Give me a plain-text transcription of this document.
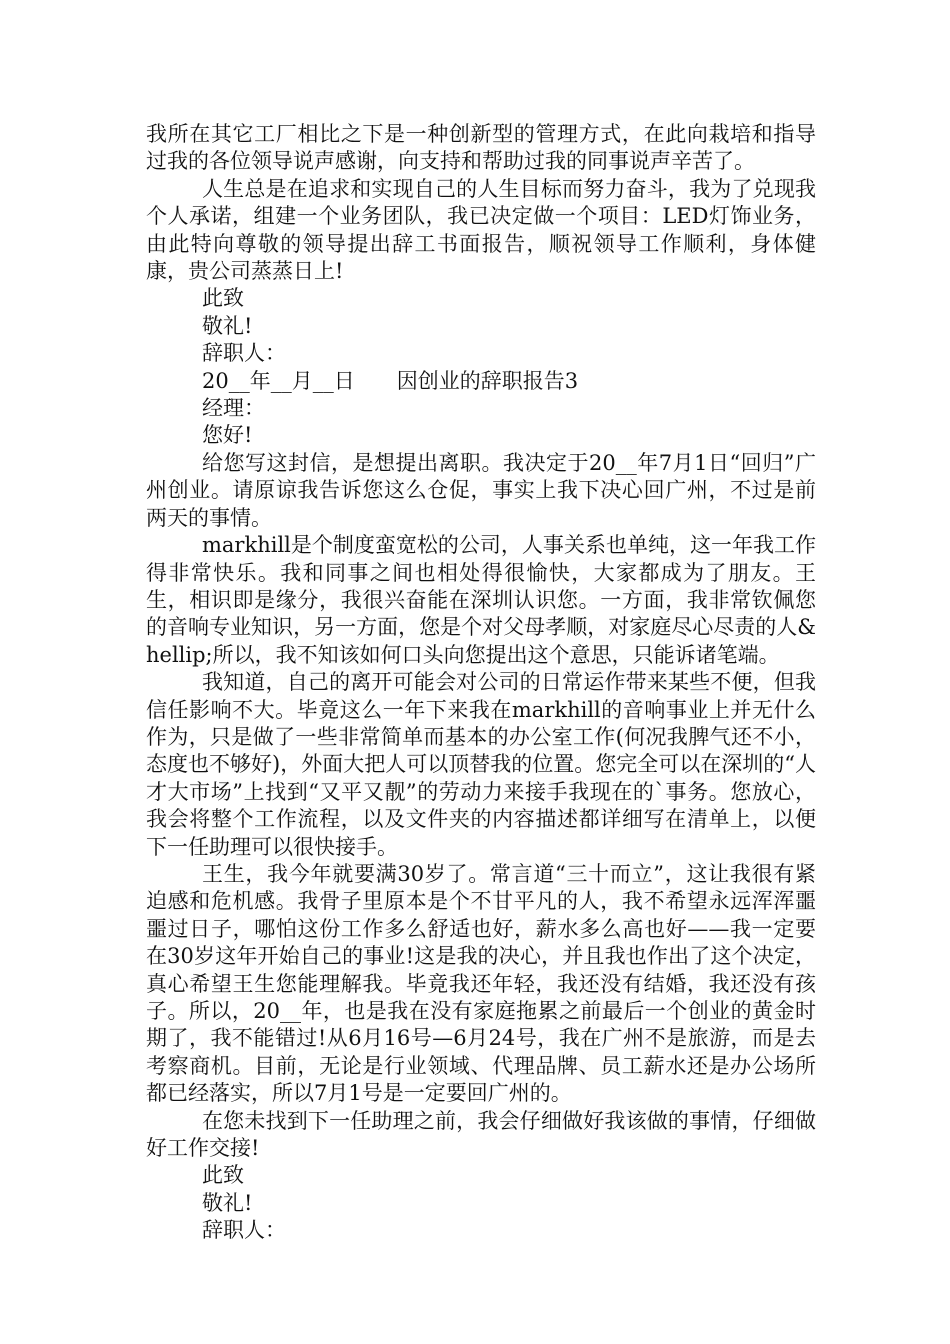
我所在其它工厂相比之下是一种创新型的管理方式，在此向栽培和指导过我的各位领导说声感谢，向支持和帮助过我的同事说声辛苦了。

人生总是在追求和实现自己的人生目标而努力奋斗，我为了兑现我个人承诺，组建一个业务团队，我已决定做一个项目：LED灯饰业务，由此特向尊敬的领导提出辞工书面报告，顺祝领导工作顺利，身体健康，贵公司蒸蒸日上!

此致

敬礼!

辞职人：

20__年__月__日　　因创业的辞职报告3

经理：

您好!

给您写这封信，是想提出离职。我决定于20__年7月1日“回归”广州创业。请原谅我告诉您这么仓促，事实上我下决心回广州，不过是前两天的事情。

markhill是个制度蛮宽松的公司，人事关系也单纯，这一年我工作得非常快乐。我和同事之间也相处得很愉快，大家都成为了朋友。王生，相识即是缘分，我很兴奋能在深圳认识您。一方面，我非常钦佩您的音响专业知识，另一方面，您是个对父母孝顺，对家庭尽心尽责的人&hellip;所以，我不知该如何口头向您提出这个意思，只能诉诸笔端。

我知道，自己的离开可能会对公司的日常运作带来某些不便，但我信任影响不大。毕竟这么一年下来我在markhill的音响事业上并无什么作为，只是做了一些非常简单而基本的办公室工作(何况我脾气还不小，态度也不够好)，外面大把人可以顶替我的位置。您完全可以在深圳的“人才大市场”上找到“又平又靓”的劳动力来接手我现在的`事务。您放心，我会将整个工作流程，以及文件夹的内容描述都详细写在清单上，以便下一任助理可以很快接手。

王生，我今年就要满30岁了。常言道“三十而立”，这让我很有紧迫感和危机感。我骨子里原本是个不甘平凡的人，我不希望永远浑浑噩噩过日子，哪怕这份工作多么舒适也好，薪水多么高也好——我一定要在30岁这年开始自己的事业!这是我的决心，并且我也作出了这个决定，真心希望王生您能理解我。毕竟我还年轻，我还没有结婚，我还没有孩子。所以，20__年，也是我在没有家庭拖累之前最后一个创业的黄金时期了，我不能错过!从6月16号—6月24号，我在广州不是旅游，而是去考察商机。目前，无论是行业领域、代理品牌、员工薪水还是办公场所都已经落实，所以7月1号是一定要回广州的。

在您未找到下一任助理之前，我会仔细做好我该做的事情，仔细做好工作交接!

此致

敬礼!

辞职人：
